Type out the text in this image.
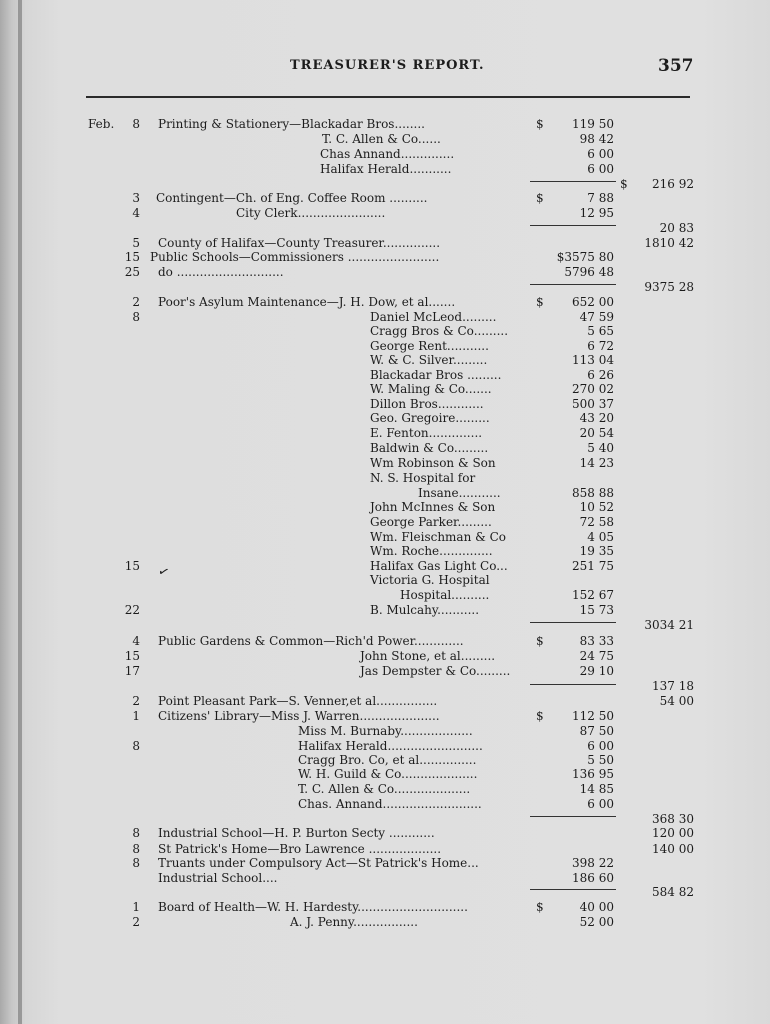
TREASURER'S REPORT.	357
✓
Feb.	8 Printing & Stationery—Blackadar Bros........	$	119 50
T. C. Allen & Co......	98 42
Chas Annand..............	6 00
Halifax Herald...........	6 00
$	216 92
3 Contingent—Ch. of Eng. Coffee Room ..........	$	7 88
4	City Clerk.......................	12 95
20 83
5 County of Halifax—County Treasurer...............	1810 42
15 Public Schools—Commissioners ........................	$3575 80
25 do ............................	5796 48
9375 28
2 Poor's Asylum Maintenance—J. H. Dow, et al.......	$	652 00
8	Daniel McLeod.........	47 59
Cragg Bros & Co.........	5 65
George Rent...........	6 72
W. & C. Silver.........	113 04
Blackadar Bros .........	6 26
W. Maling & Co.......	270 02
Dillon Bros............	500 37
Geo. Gregoire.........	43 20
E. Fenton..............	20 54
Baldwin & Co.........	5 40
Wm Robinson & Son	14 23
N. S. Hospital for
Insane...........	858 88
John McInnes & Son	10 52
George Parker.........	72 58
Wm. Fleischman & Co	4 05
Wm. Roche..............	19 35
15	Halifax Gas Light Co...	251 75
Victoria G. Hospital
Hospital..........	152 67
22	B. Mulcahy...........	15 73
3034 21
4 Public Gardens & Common—Rich'd Power.............	$	83 33
15	John Stone, et al.........	24 75
17	Jas Dempster & Co.........	29 10
137 18
2 Point Pleasant Park—S. Venner,et al................	54 00
1 Citizens' Library—Miss J. Warren.....................	$	112 50
Miss M. Burnaby...................	87 50
8	Halifax Herald.........................	6 00
Cragg Bro. Co, et al...............	5 50
W. H. Guild & Co....................	136 95
T. C. Allen & Co....................	14 85
Chas. Annand..........................	6 00
368 30
8 Industrial School—H. P. Burton Secty ............	120 00
8 St Patrick's Home—Bro Lawrence ...................	140 00
8 Truants under Compulsory Act—St Patrick's Home...	398 22
Industrial School....	186 60
584 82
1 Board of Health—W. H. Hardesty.............................	$	40 00
2	A. J. Penny.................	52 00
